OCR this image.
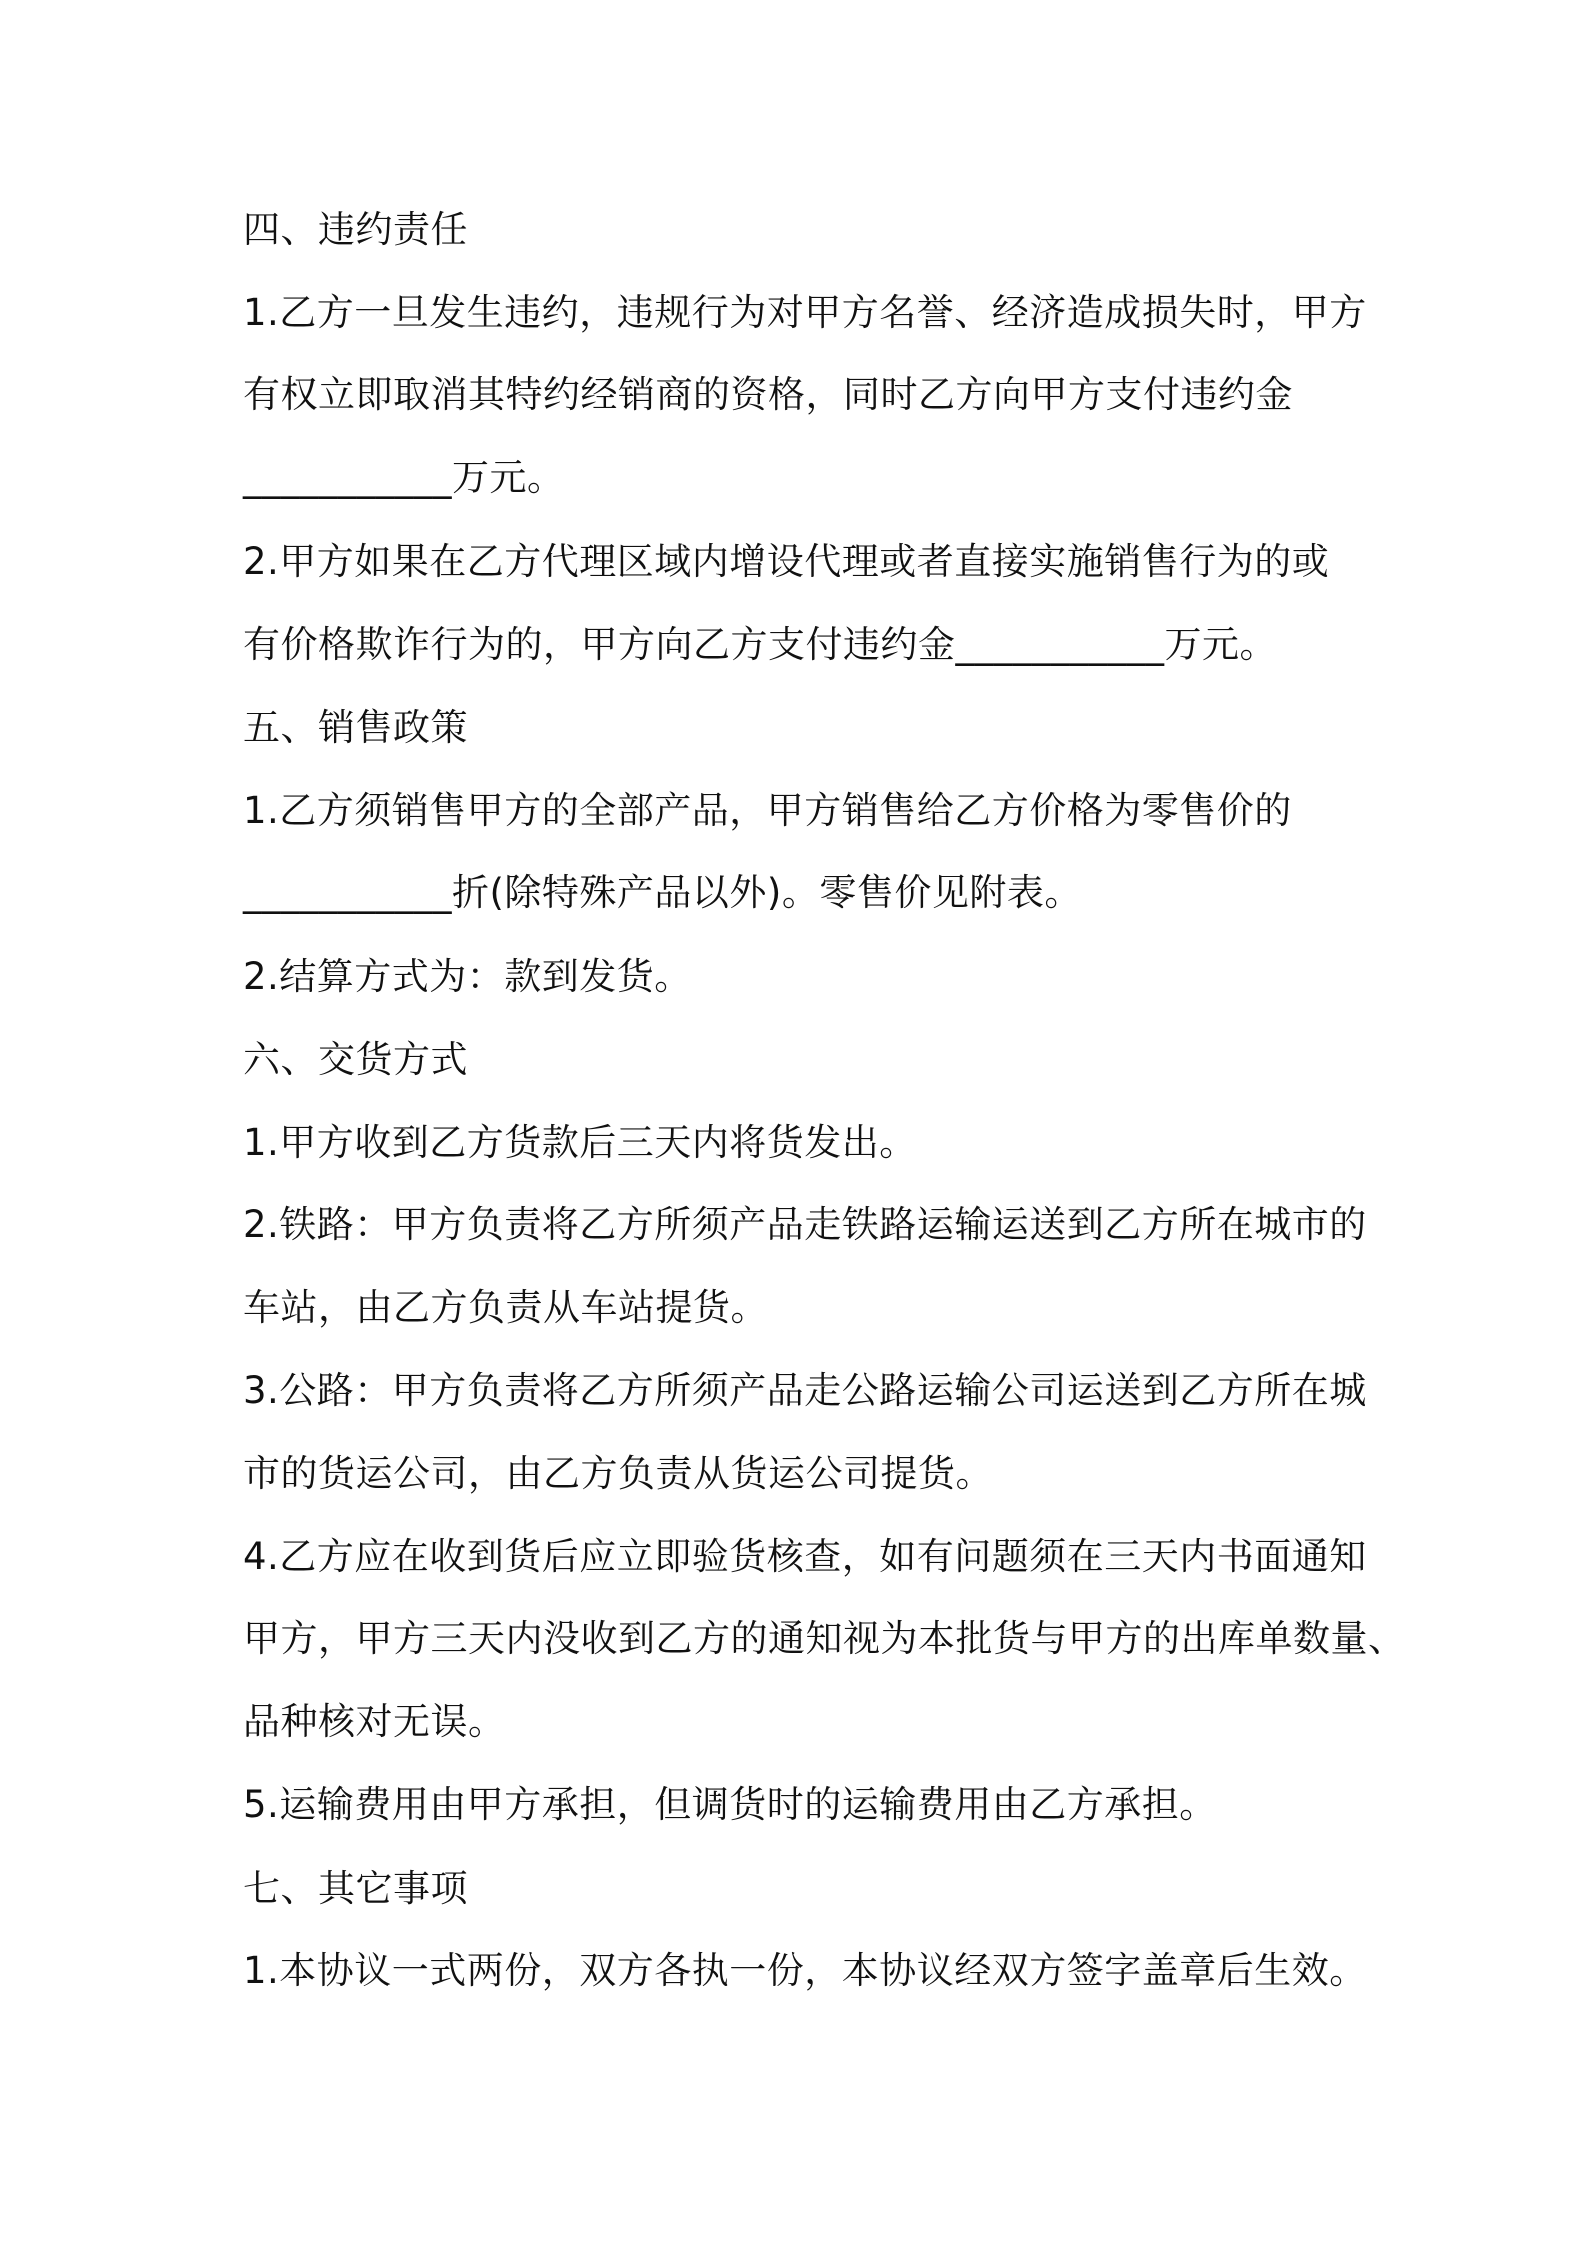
四、违约责任
1.乙方一旦发生违约，违规行为对甲方名誉、经济造成损失时，甲方
有权立即取消其特约经销商的资格，同时乙方向甲方支付违约金
___________万元。
2.甲方如果在乙方代理区域内增设代理或者直接实施销售行为的或
有价格欺诈行为的，甲方向乙方支付违约金___________万元。
五、销售政策
1.乙方须销售甲方的全部产品，甲方销售给乙方价格为零售价的
___________折(除特殊产品以外)。零售价见附表。
2.结算方式为：款到发货。
六、交货方式
1.甲方收到乙方货款后三天内将货发出。
2.铁路：甲方负责将乙方所须产品走铁路运输运送到乙方所在城市的
车站，由乙方负责从车站提货。
3.公路：甲方负责将乙方所须产品走公路运输公司运送到乙方所在城
市的货运公司，由乙方负责从货运公司提货。
4.乙方应在收到货后应立即验货核查，如有问题须在三天内书面通知
甲方，甲方三天内没收到乙方的通知视为本批货与甲方的出库单数量、
品种核对无误。
5.运输费用由甲方承担，但调货时的运输费用由乙方承担。
七、其它事项
1.本协议一式两份，双方各执一份，本协议经双方签字盖章后生效。
